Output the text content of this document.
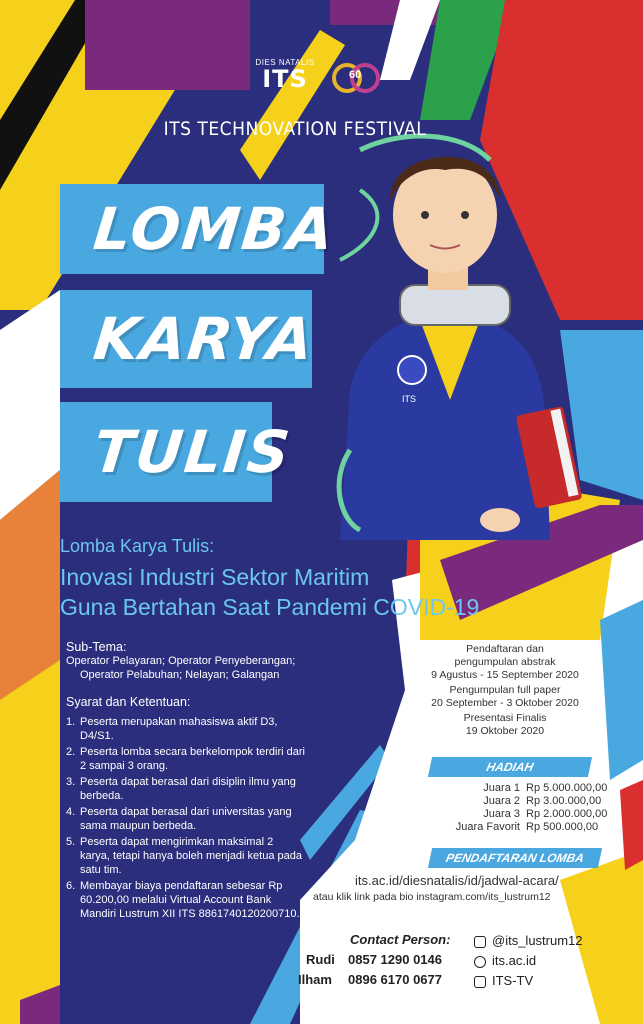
ITS
DIES NATALIS
ITS	60
ITS TECHNOVATION FESTIVAL
LOMBA
KARYA
TULIS
Lomba Karya Tulis:
Inovasi Industri Sektor Maritim
Guna Bertahan Saat Pandemi COVID-19
Sub-Tema:
Operator Pelayaran; Operator Penyeberangan;
Operator Pelabuhan; Nelayan; Galangan
Syarat dan Ketentuan:
1. Peserta merupakan mahasiswa aktif D3, D4/S1.
2. Peserta lomba secara berkelompok terdiri dari 2 sampai 3 orang.
3. Peserta dapat berasal dari disiplin ilmu yang berbeda.
4. Peserta dapat berasal dari universitas yang sama maupun berbeda.
5. Peserta dapat mengirimkan maksimal 2 karya, tetapi hanya boleh menjadi ketua pada satu tim.
6. Membayar biaya pendaftaran sebesar Rp 60.200,00 melalui Virtual Account Bank Mandiri Lustrum XII ITS 8861740120200710.
Pendaftaran dan
pengumpulan abstrak
9 Agustus - 15 September 2020
Pengumpulan full paper
20 September - 3 Oktober 2020
Presentasi Finalis
19 Oktober 2020
HADIAH
Juara 1 Rp 5.000.000,00
Juara 2 Rp 3.00.000,00
Juara 3 Rp 2.000.000,00
Juara Favorit Rp 500.000,00
PENDAFTARAN LOMBA
its.ac.id/diesnatalis/id/jadwal-acara/
atau klik link pada bio instagram.com/its_lustrum12
Contact Person:
Rudi 0857 1290 0146
Ilham 0896 6170 0677
@its_lustrum12
its.ac.id
ITS-TV
